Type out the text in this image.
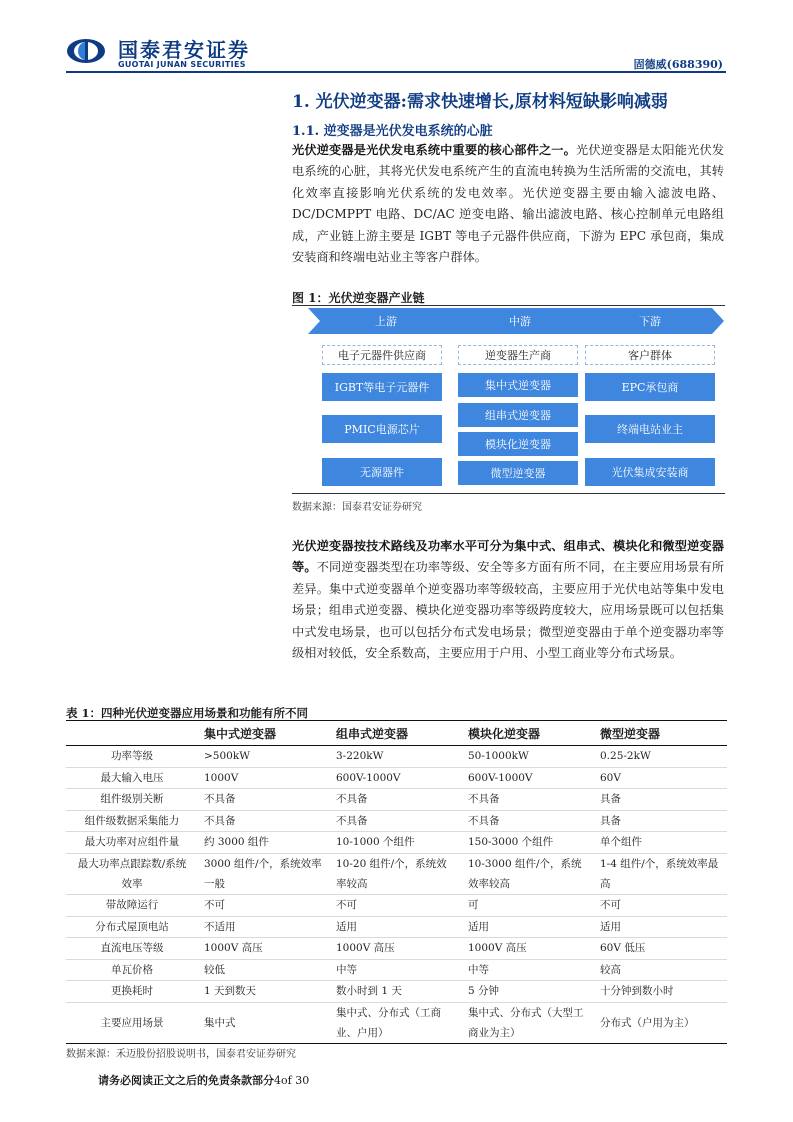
国泰君安证券
GUOTAI JUNAN SECURITIES	固德威(688390)
1. 光伏逆变器:需求快速增长,原材料短缺影响减弱
1.1. 逆变器是光伏发电系统的心脏
光伏逆变器是光伏发电系统中重要的核心部件之一。光伏逆变器是太阳能光伏发电系统的心脏，其将光伏发电系统产生的直流电转换为生活所需的交流电，其转化效率直接影响光伏系统的发电效率。光伏逆变器主要由输入滤波电路、DC/DCMPPT 电路、DC/AC 逆变电路、输出滤波电路、核心控制单元电路组成，产业链上游主要是 IGBT 等电子元器件供应商，下游为 EPC 承包商，集成安装商和终端电站业主等客户群体。
图 1：光伏逆变器产业链
上游	中游	下游
电子元器件供应商	逆变器生产商	客户群体
IGBT等电子元器件
PMIC电源芯片
无源器件
集中式逆变器
组串式逆变器
模块化逆变器
微型逆变器
EPC承包商
终端电站业主
光伏集成安装商
数据来源：国泰君安证券研究
光伏逆变器按技术路线及功率水平可分为集中式、组串式、模块化和微型逆变器等。不同逆变器类型在功率等级、安全等多方面有所不同，在主要应用场景有所差异。集中式逆变器单个逆变器功率等级较高，主要应用于光伏电站等集中发电场景；组串式逆变器、模块化逆变器功率等级跨度较大，应用场景既可以包括集中式发电场景，也可以包括分布式发电场景；微型逆变器由于单个逆变器功率等级相对较低，安全系数高，主要应用于户用、小型工商业等分布式场景。
表 1：四种光伏逆变器应用场景和功能有所不同
	集中式逆变器	组串式逆变器	模块化逆变器	微型逆变器
功率等级	>500kW	3-220kW	50-1000kW	0.25-2kW
最大输入电压	1000V	600V-1000V	600V-1000V	60V
组件级别关断	不具备	不具备	不具备	具备
组件级数据采集能力	不具备	不具备	不具备	具备
最大功率对应组件量	约 3000 组件	10-1000 个组件	150-3000 个组件	单个组件
最大功率点跟踪数/系统效率	3000 组件/个，系统效率一般	10-20 组件/个，系统效率较高	10-3000 组件/个，系统效率较高	1-4 组件/个，系统效率最高
带故障运行	不可	不可	可	不可
分布式屋顶电站	不适用	适用	适用	适用
直流电压等级	1000V 高压	1000V 高压	1000V 高压	60V 低压
单瓦价格	较低	中等	中等	较高
更换耗时	1 天到数天	数小时到 1 天	5 分钟	十分钟到数小时
主要应用场景	集中式	集中式、分布式（工商业、户用）	集中式、分布式（大型工商业为主）	分布式（户用为主）
数据来源：禾迈股份招股说明书，国泰君安证券研究
请务必阅读正文之后的免责条款部分4of 30
